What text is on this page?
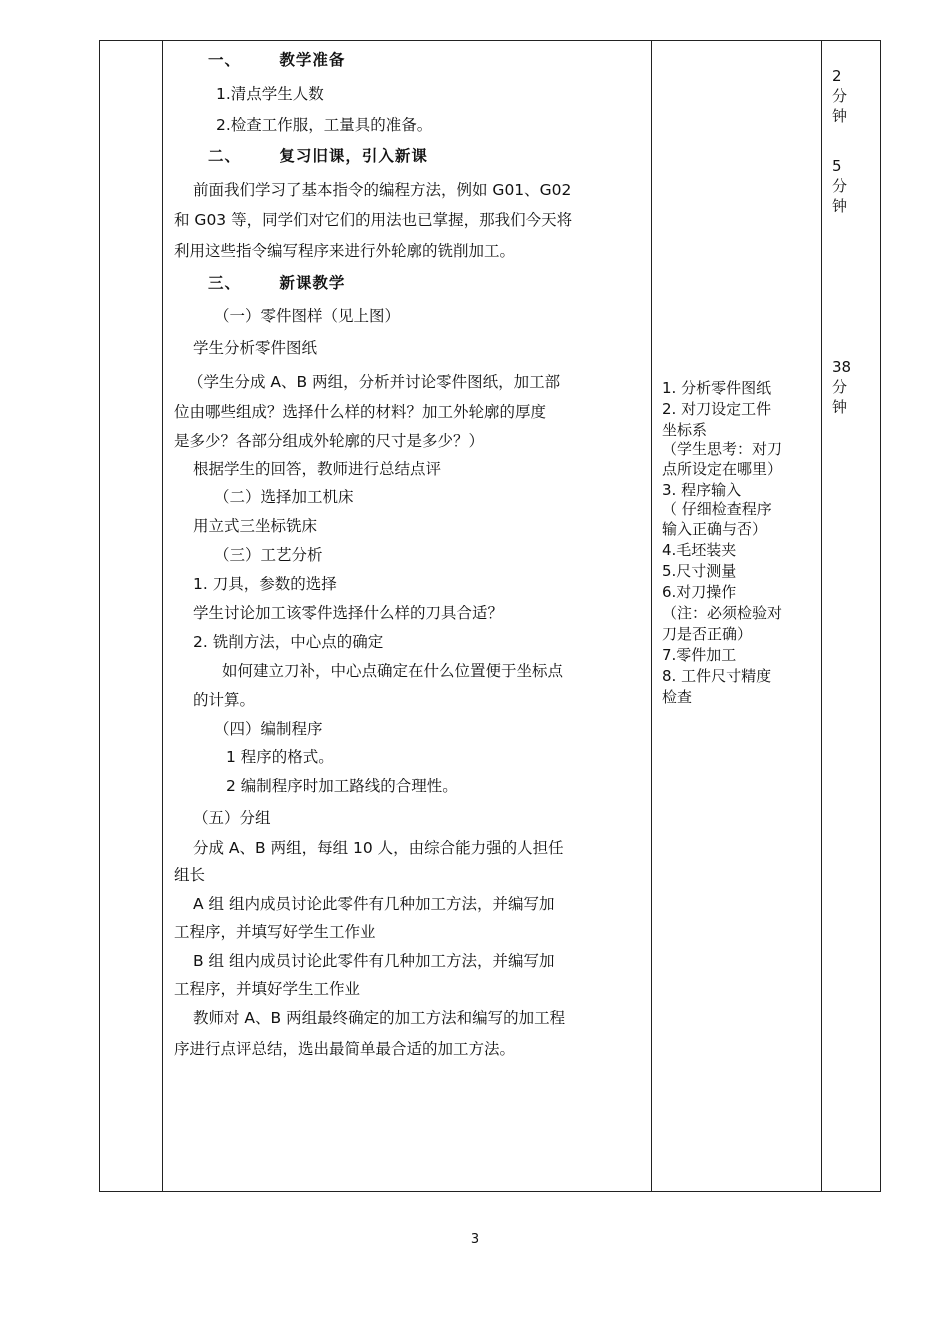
一、      教学准备
1.清点学生人数
2.检查工作服，工量具的准备。
二、      复习旧课，引入新课
前面我们学习了基本指令的编程方法，例如 G01、G02
和 G03 等，同学们对它们的用法也已掌握，那我们今天将
利用这些指令编写程序来进行外轮廓的铣削加工。
三、      新课教学
（一）零件图样（见上图）
学生分析零件图纸
（学生分成 A、B 两组，分析并讨论零件图纸，加工部
位由哪些组成？选择什么样的材料？加工外轮廓的厚度
是多少？各部分组成外轮廓的尺寸是多少？）
根据学生的回答，教师进行总结点评
（二）选择加工机床
用立式三坐标铣床
（三）工艺分析
1. 刀具，参数的选择
学生讨论加工该零件选择什么样的刀具合适？
2. 铣削方法，中心点的确定
如何建立刀补，中心点确定在什么位置便于坐标点
的计算。
（四）编制程序
1 程序的格式。
2 编制程序时加工路线的合理性。
（五）分组
分成 A、B 两组，每组 10 人，由综合能力强的人担任
组长
A 组 组内成员讨论此零件有几种加工方法，并编写加
工程序，并填写好学生工作业
B 组 组内成员讨论此零件有几种加工方法，并编写加
工程序，并填好学生工作业
教师对 A、B 两组最终确定的加工方法和编写的加工程
序进行点评总结，选出最简单最合适的加工方法。
1. 分析零件图纸
2. 对刀设定工件
坐标系
（学生思考：对刀
点所设定在哪里）
3. 程序输入
（ 仔细检查程序
输入正确与否）
4.毛坯装夹
5.尺寸测量
6.对刀操作
（注：必须检验对
刀是否正确）
7.零件加工
8. 工件尺寸精度
检查
2
分
钟
5
分
钟
38
分
钟
3
